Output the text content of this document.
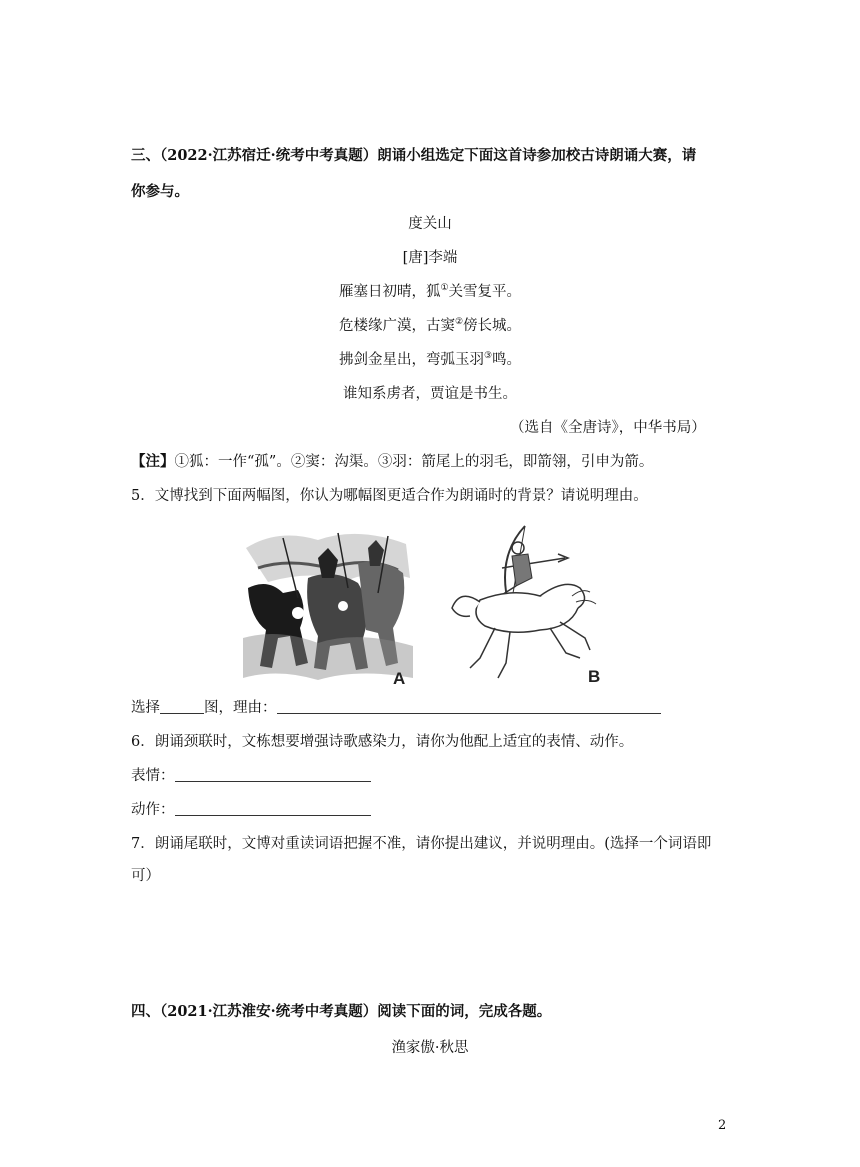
三、（2022·江苏宿迁·统考中考真题）朗诵小组选定下面这首诗参加校古诗朗诵大赛，请
你参与。
度关山
[唐]李端
雁塞日初晴，狐①关雪复平。
危楼缘广漠，古窦②傍长城。
拂剑金星出，弯弧玉羽③鸣。
谁知系虏者，贾谊是书生。
（选自《全唐诗》，中华书局）
【注】①狐：一作“孤”。②窦：沟渠。③羽：箭尾上的羽毛，即箭翎，引申为箭。
5．文博找到下面两幅图，你认为哪幅图更适合作为朗诵时的背景？请说明理由。
A	B
选择	图，理由：
6．朗诵颈联时，文栋想要增强诗歌感染力，请你为他配上适宜的表情、动作。
表情：
动作：
7．朗诵尾联时，文博对重读词语把握不准，请你提出建议，并说明理由。(选择一个词语即
可）
四、（2021·江苏淮安·统考中考真题）阅读下面的词，完成各题。
渔家傲·秋思
2
